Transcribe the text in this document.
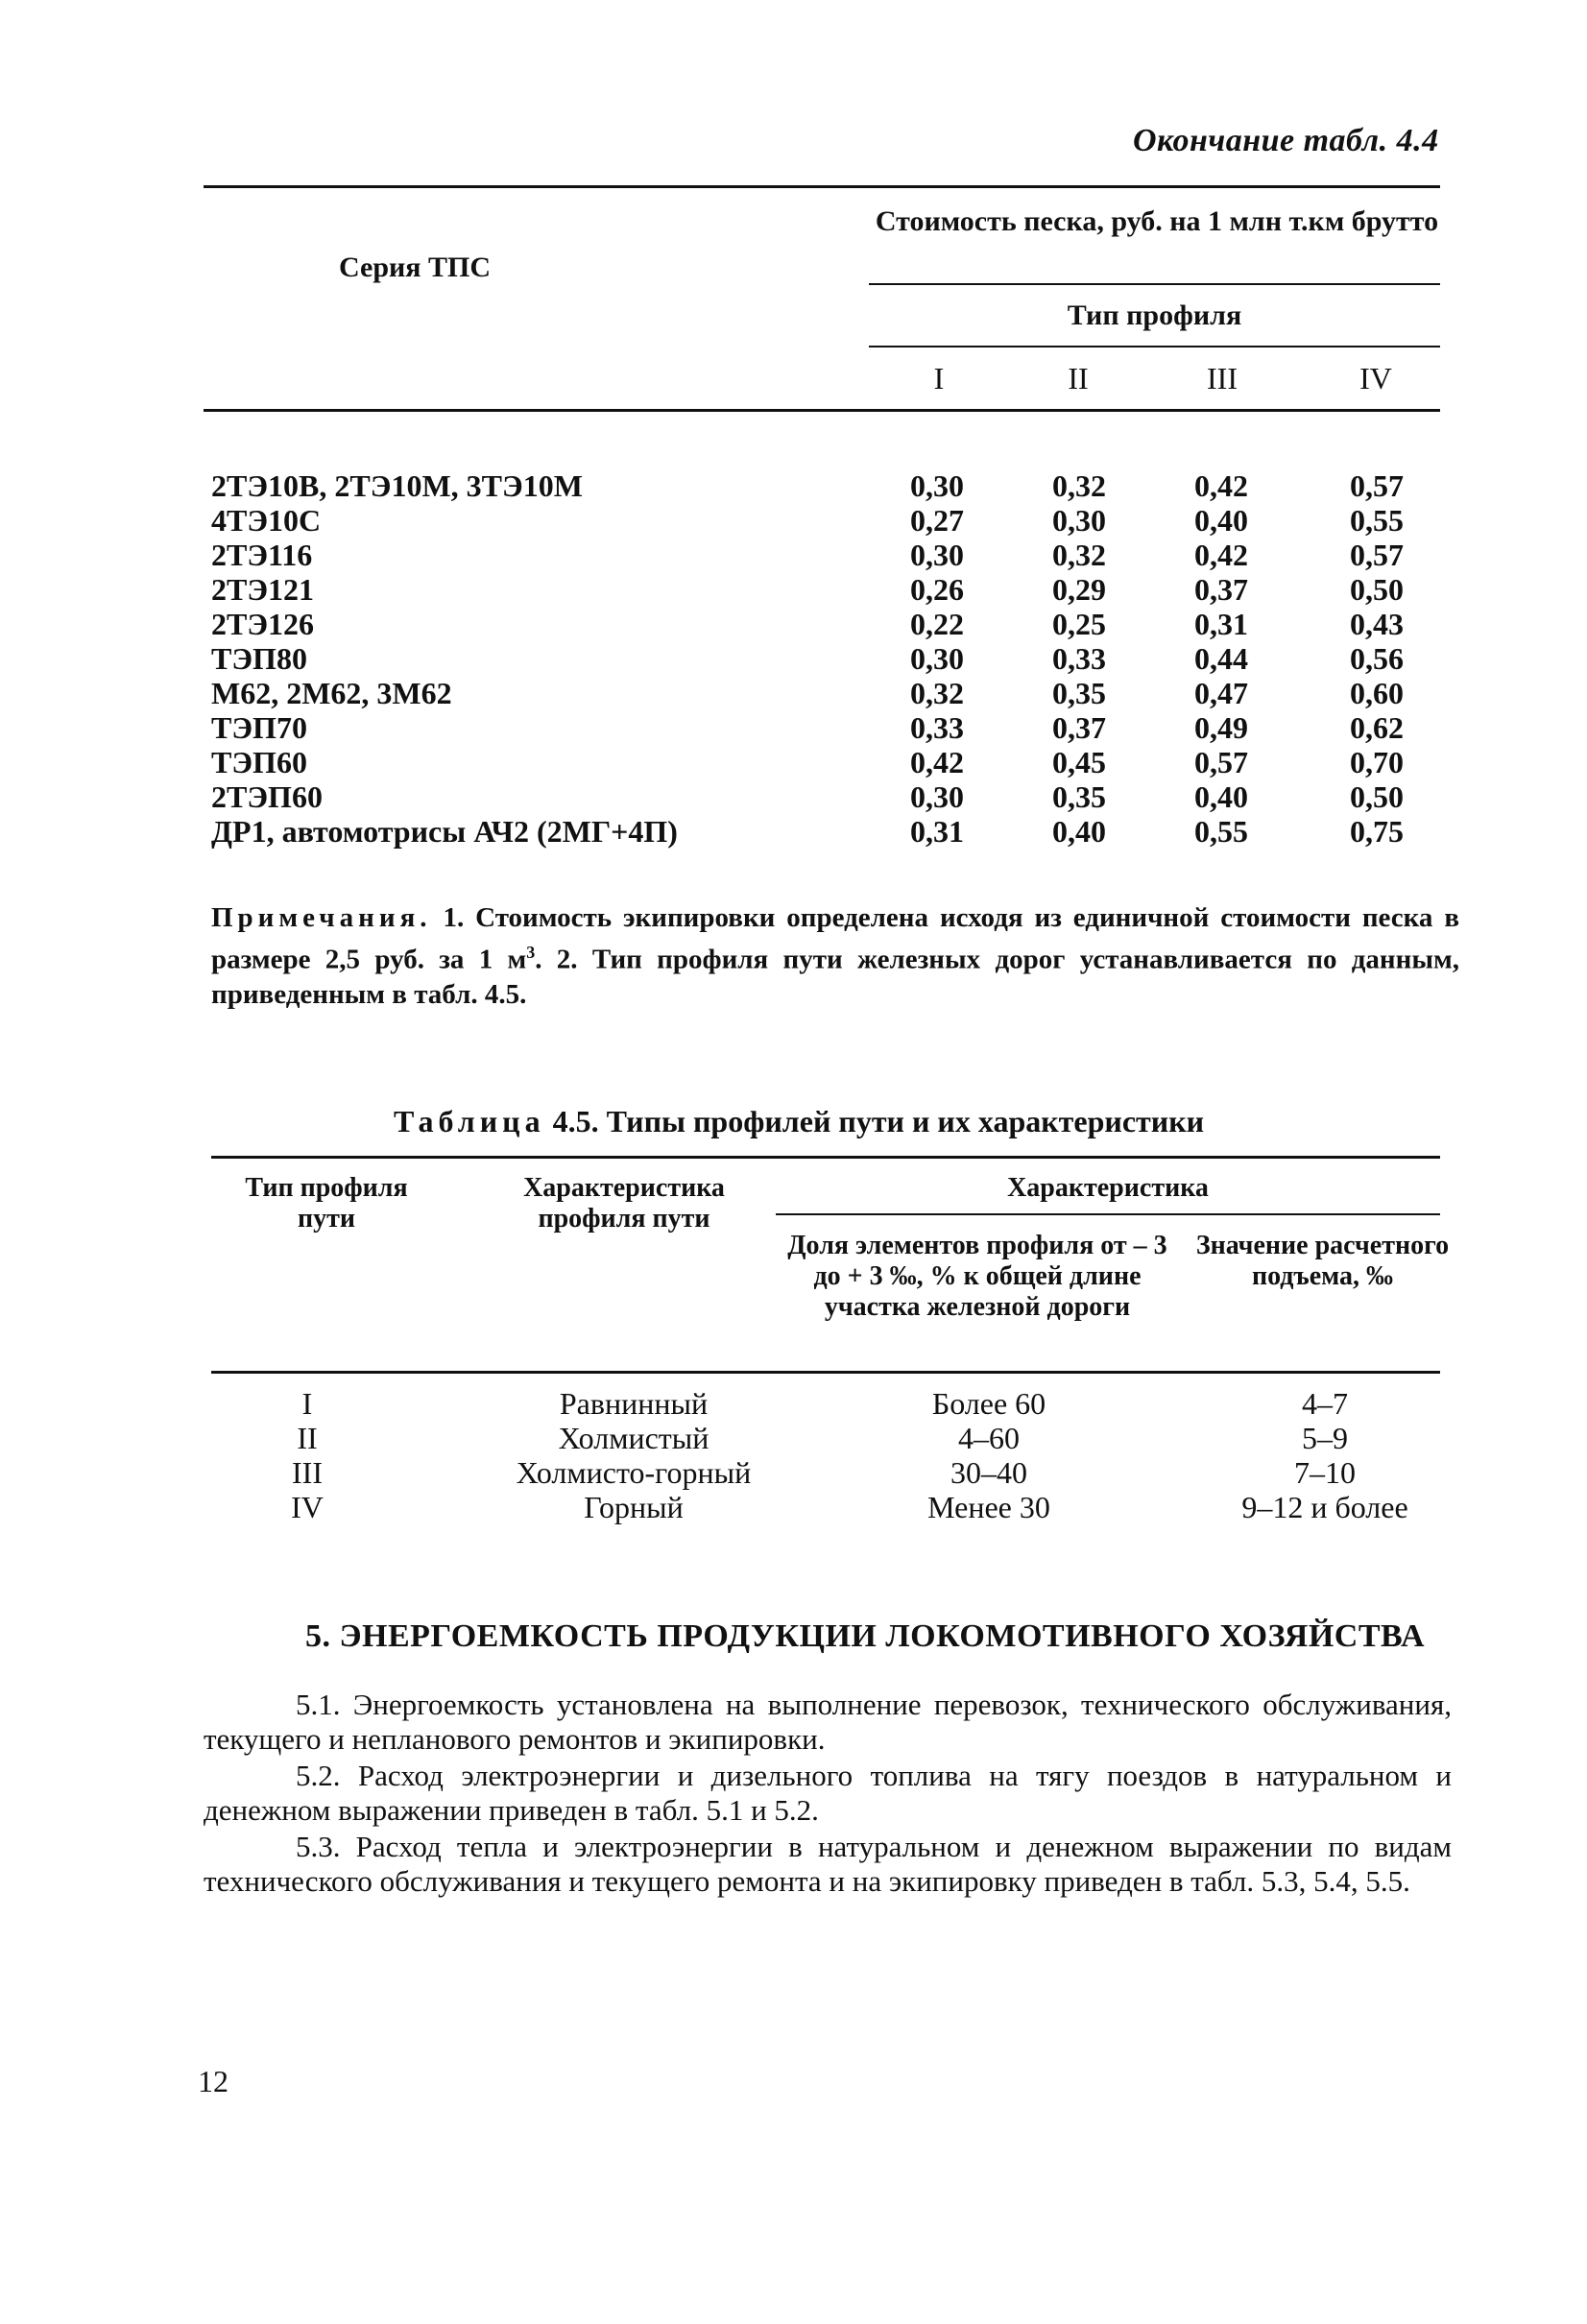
Окончание табл. 4.4
Серия ТПС
Стоимость песка, руб. на 1 млн т.км брутто
Тип профиля
I	II	III	IV
2ТЭ10В, 2ТЭ10М, 3ТЭ10М	0,30	0,32	0,42	0,57
4ТЭ10С	0,27	0,30	0,40	0,55
2ТЭ116	0,30	0,32	0,42	0,57
2ТЭ121	0,26	0,29	0,37	0,50
2ТЭ126	0,22	0,25	0,31	0,43
ТЭП80	0,30	0,33	0,44	0,56
М62, 2М62, 3М62	0,32	0,35	0,47	0,60
ТЭП70	0,33	0,37	0,49	0,62
ТЭП60	0,42	0,45	0,57	0,70
2ТЭП60	0,30	0,35	0,40	0,50
ДР1, автомотрисы АЧ2 (2МГ+4П)	0,31	0,40	0,55	0,75
Примечания. 1. Стоимость экипировки определена исходя из единичной стоимости песка в размере 2,5 руб. за 1 $м^3$. 2. Тип профиля пути железных дорог устанавливается по данным, приведенным в табл. 4.5.
Таблица 4.5. Типы профилей пути и их характеристики
Тип профиля пути
Характеристика профиля пути
Характеристика
Доля элементов профиля от – 3 до + 3 ‰, % к общей длине участка железной дороги
Значение расчетного подъема, ‰
I	Равнинный	Более 60	4–7
II	Холмистый	4–60	5–9
III	Холмисто-горный	30–40	7–10
IV	Горный	Менее 30	9–12 и более
5. ЭНЕРГОЕМКОСТЬ ПРОДУКЦИИ ЛОКОМОТИВНОГО ХОЗЯЙСТВА
5.1. Энергоемкость установлена на выполнение перевозок, технического обслуживания, текущего и непланового ремонтов и экипировки.
5.2. Расход электроэнергии и дизельного топлива на тягу поездов в натуральном и денежном выражении приведен в табл. 5.1 и 5.2.
5.3. Расход тепла и электроэнергии в натуральном и денежном выражении по видам технического обслуживания и текущего ремонта и на экипировку приведен в табл. 5.3, 5.4, 5.5.
12
